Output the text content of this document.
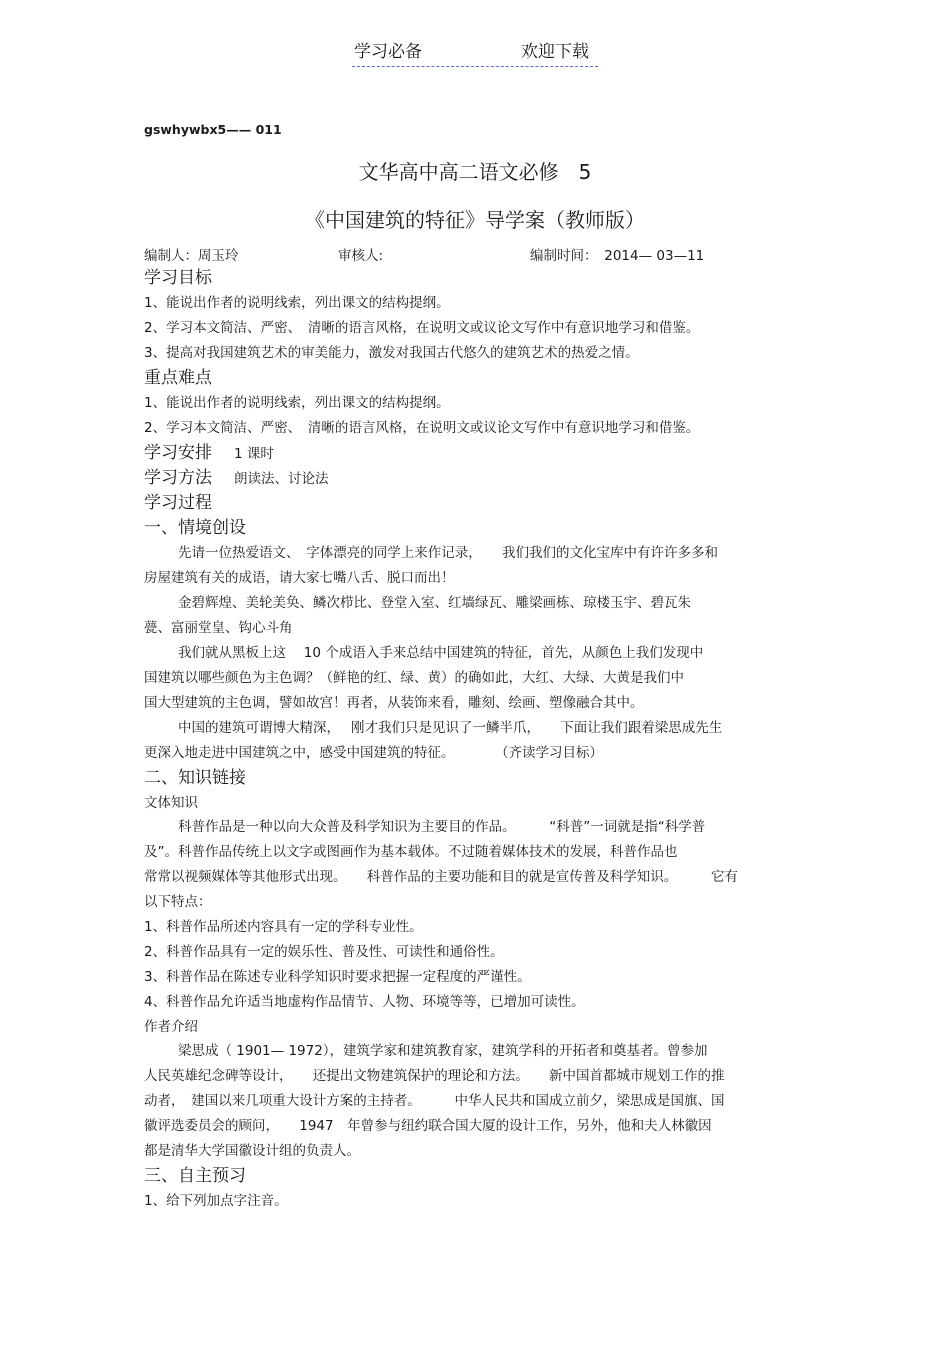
学习必备	欢迎下载
gswhywbx5—— 011
文华高中高二语文必修　5
《中国建筑的特征》导学案（教师版）
编制人：周玉玲	审核人:	编制时间：　2014— 03—11
学习目标
1、能说出作者的说明线索，列出课文的结构提纲。
2、学习本文简洁、严密、　清晰的语言风格，在说明文或议论文写作中有意识地学习和借鉴。
3、提高对我国建筑艺术的审美能力，激发对我国古代悠久的建筑艺术的热爱之情。
重点难点
1、能说出作者的说明线索，列出课文的结构提纲。
2、学习本文简洁、严密、　清晰的语言风格，在说明文或议论文写作中有意识地学习和借鉴。
学习安排 1 课时
学习方法 朗读法、讨论法
学习过程
一、情境创设
先请一位热爱语文、　字体漂亮的同学上来作记录，　　我们我们的文化宝库中有许许多多和
房屋建筑有关的成语，请大家七嘴八舌、脱口而出！
金碧辉煌、美轮美奂、鳞次栉比、登堂入室、红墙绿瓦、雕梁画栋、琼楼玉宇、碧瓦朱
甍、富丽堂皇、钩心斗角
我们就从黑板上这　 10 个成语入手来总结中国建筑的特征，首先，从颜色上我们发现中
国建筑以哪些颜色为主色调？（鲜艳的红、绿、黄）的确如此，大红、大绿、大黄是我们中
国大型建筑的主色调，譬如故宫！再者，从装饰来看，雕刻、绘画、塑像融合其中。
中国的建筑可谓博大精深，　 刚才我们只是见识了一鳞半爪，　　下面让我们跟着梁思成先生
更深入地走进中国建筑之中，感受中国建筑的特征。　　　　（齐读学习目标）
二、知识链接
文体知识
科普作品是一种以向大众普及科学知识为主要目的作品。　　　“科普”一词就是指“科学普
及”。科普作品传统上以文字或图画作为基本载体。不过随着媒体技术的发展，科普作品也
常常以视频媒体等其他形式出现。　　科普作品的主要功能和目的就是宣传普及科学知识。　　　它有
以下特点：
1、科普作品所述内容具有一定的学科专业性。
2、科普作品具有一定的娱乐性、普及性、可读性和通俗性。
3、科普作品在陈述专业科学知识时要求把握一定程度的严谨性。
4、科普作品允许适当地虚构作品情节、人物、环境等等，已增加可读性。
作者介绍
梁思成（ 1901— 1972），建筑学家和建筑教育家，建筑学科的开拓者和奠基者。曾参加
人民英雄纪念碑等设计，　　还提出文物建筑保护的理论和方法。　　新中国首都城市规划工作的推
动者，　建国以来几项重大设计方案的主持者。　　　中华人民共和国成立前夕，梁思成是国旗、国
徽评选委员会的顾问，　　1947　年曾参与纽约联合国大厦的设计工作，另外，他和夫人林徽因
都是清华大学国徽设计组的负责人。
三、自主预习
1、给下列加点字注音。
